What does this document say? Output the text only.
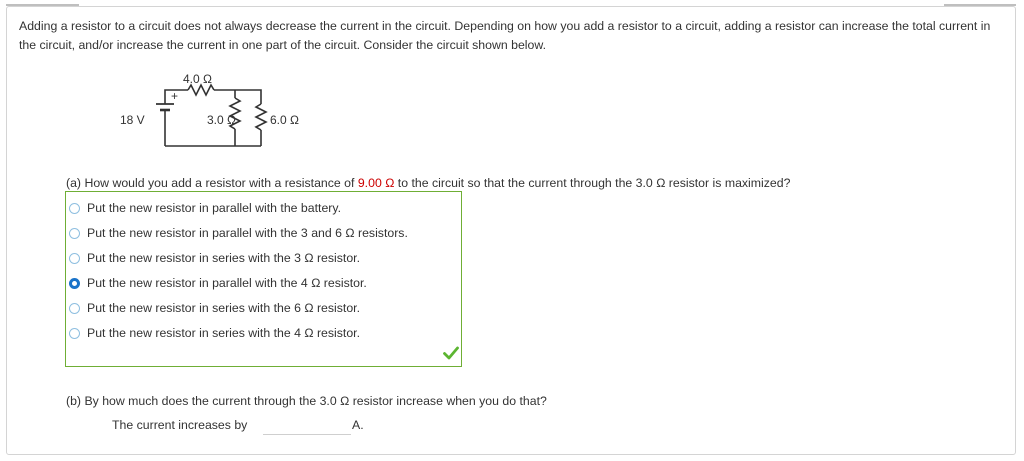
Adding a resistor to a circuit does not always decrease the current in the circuit. Depending on how you add a resistor to a circuit, adding a resistor can increase the total current in the circuit, and/or increase the current in one part of the circuit. Consider the circuit shown below.
+
4.0 Ω
3.0 Ω	6.0 Ω
18 V
(a) How would you add a resistor with a resistance of 9.00 Ω to the circuit so that the current through the 3.0 Ω resistor is maximized?
Put the new resistor in parallel with the battery.
Put the new resistor in parallel with the 3 and 6 Ω resistors.
Put the new resistor in series with the 3 Ω resistor.
Put the new resistor in parallel with the 4 Ω resistor.
Put the new resistor in series with the 6 Ω resistor.
Put the new resistor in series with the 4 Ω resistor.
(b) By how much does the current through the 3.0 Ω resistor increase when you do that?
The current increases by	A.
